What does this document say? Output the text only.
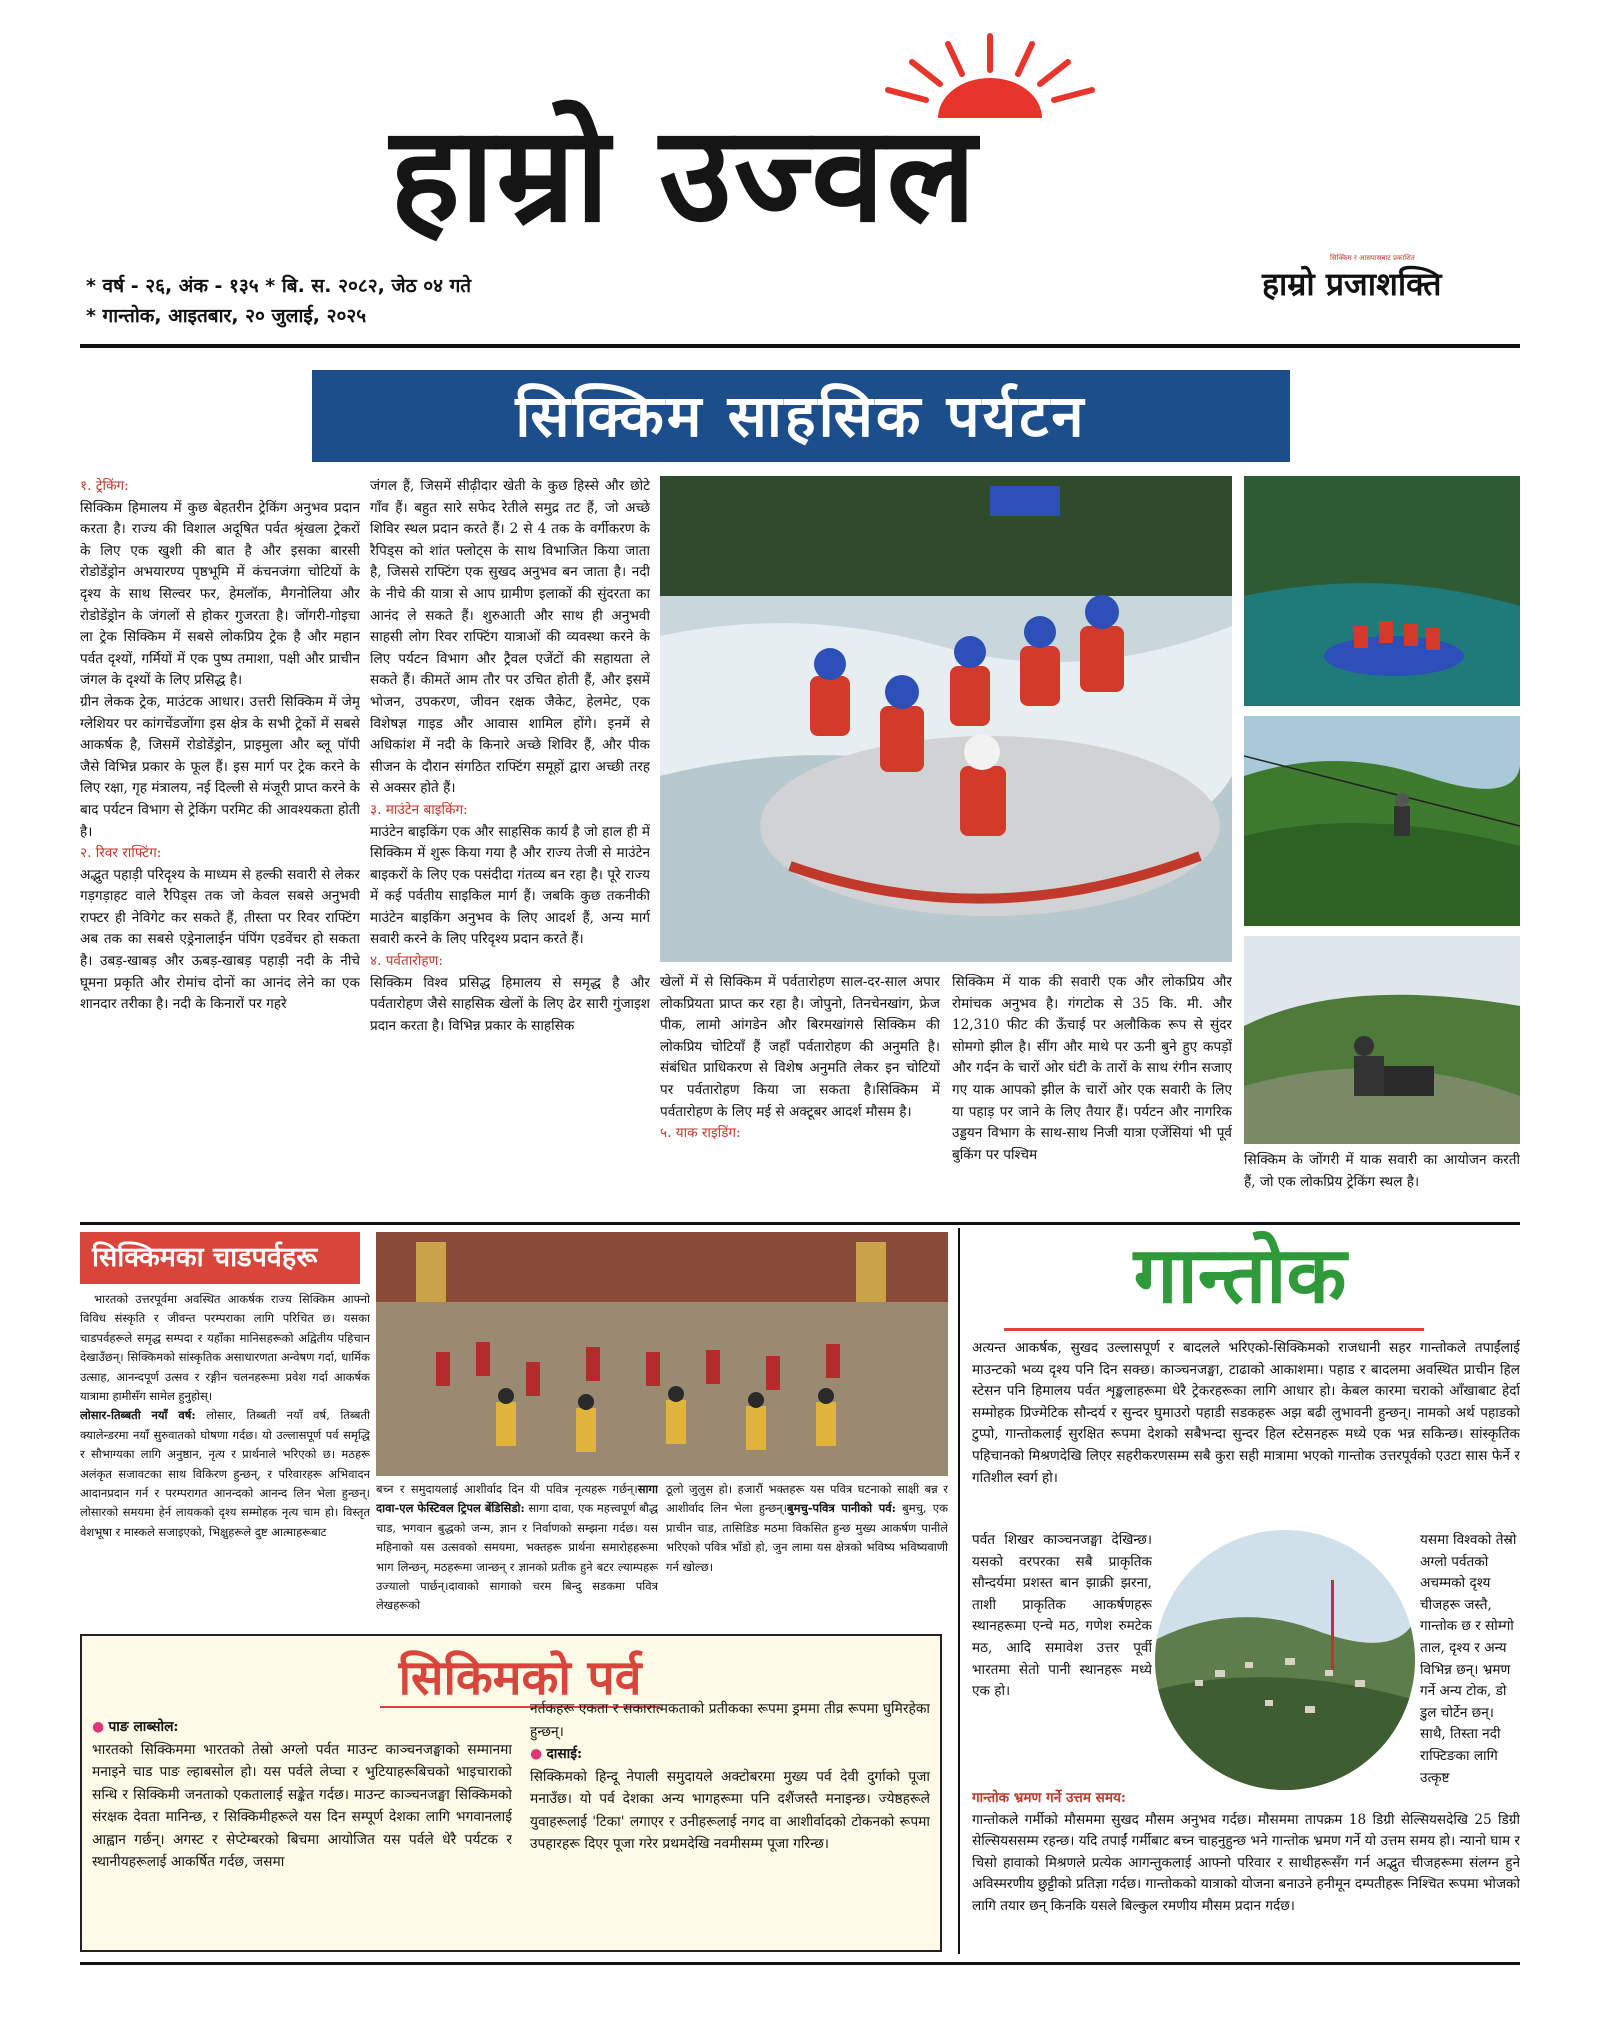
हाम्रो उज्वल
* वर्ष - २६, अंक - १३५ * बि. स. २०८२, जेठ ०४ गते
* गान्तोक, आइतबार, २० जुलाई, २०२५
सिक्किम र आसपासबाट प्रकाशित
हाम्रो प्रजाशक्ति
सिक्किम साहसिक पर्यटन

१. ट्रेकिंग:

सिक्किम हिमालय में कुछ बेहतरीन ट्रेकिंग अनुभव प्रदान करता है। राज्य की विशाल अदूषित पर्वत श्रृंखला ट्रेकरों के लिए एक खुशी की बात है और इसका बारसी रोडोडेंड्रोन अभयारण्य पृष्ठभूमि में कंचनजंगा चोटियों के दृश्य के साथ सिल्वर फर, हेमलॉक, मैगनोलिया और रोडोडेंड्रोन के जंगलों से होकर गुजरता है। जोंगरी-गोइचा ला ट्रेक सिक्किम में सबसे लोकप्रिय ट्रेक है और महान पर्वत दृश्यों, गर्मियों में एक पुष्प तमाशा, पक्षी और प्राचीन जंगल के दृश्यों के लिए प्रसिद्ध है।

ग्रीन लेकक ट्रेक, माउंटक आधार। उत्तरी सिक्किम में जेमू ग्लेशियर पर कांगचेंडजोंगा इस क्षेत्र के सभी ट्रेकों में सबसे आकर्षक है, जिसमें रोडोडेंड्रोन, प्राइमुला और ब्लू पॉपी जैसे विभिन्न प्रकार के फूल हैं। इस मार्ग पर ट्रेक करने के लिए रक्षा, गृह मंत्रालय, नई दिल्ली से मंजूरी प्राप्त करने के बाद पर्यटन विभाग से ट्रेकिंग परमिट की आवश्यकता होती है।

२. रिवर राफ्टिंग:

अद्भुत पहाड़ी परिदृश्य के माध्यम से हल्की सवारी से लेकर गड़गड़ाहट वाले रैपिड्स तक जो केवल सबसे अनुभवी राफ्टर ही नेविगेट कर सकते हैं, तीस्ता पर रिवर राफ्टिंग अब तक का सबसे एड्रेनालाईन पंपिंग एडवेंचर हो सकता है। उबड़-खाबड़ और ऊबड़-खाबड़ पहाड़ी नदी के नीचे घूमना प्रकृति और रोमांच दोनों का आनंद लेने का एक शानदार तरीका है। नदी के किनारों पर गहरे

जंगल हैं, जिसमें सीढ़ीदार खेती के कुछ हिस्से और छोटे गाँव हैं। बहुत सारे सफेद रेतीले समुद्र तट हैं, जो अच्छे शिविर स्थल प्रदान करते हैं। 2 से 4 तक के वर्गीकरण के रैपिड्स को शांत फ्लोट्स के साथ विभाजित किया जाता है, जिससे राफ्टिंग एक सुखद अनुभव बन जाता है। नदी के नीचे की यात्रा से आप ग्रामीण इलाकों की सुंदरता का आनंद ले सकते हैं। शुरुआती और साथ ही अनुभवी साहसी लोग रिवर राफ्टिंग यात्राओं की व्यवस्था करने के लिए पर्यटन विभाग और ट्रैवल एजेंटों की सहायता ले सकते हैं। कीमतें आम तौर पर उचित होती हैं, और इसमें भोजन, उपकरण, जीवन रक्षक जैकेट, हेलमेट, एक विशेषज्ञ गाइड और आवास शामिल होंगे। इनमें से अधिकांश में नदी के किनारे अच्छे शिविर हैं, और पीक सीजन के दौरान संगठित राफ्टिंग समूहों द्वारा अच्छी तरह से अक्सर होते हैं।

३. माउंटेन बाइकिंग:

माउंटेन बाइकिंग एक और साहसिक कार्य है जो हाल ही में सिक्किम में शुरू किया गया है और राज्य तेजी से माउंटेन बाइकरों के लिए एक पसंदीदा गंतव्य बन रहा है। पूरे राज्य में कई पर्वतीय साइकिल मार्ग हैं। जबकि कुछ तकनीकी माउंटेन बाइकिंग अनुभव के लिए आदर्श हैं, अन्य मार्ग सवारी करने के लिए परिदृश्य प्रदान करते हैं।

४. पर्वतारोहण:

सिक्किम विश्व प्रसिद्ध हिमालय से समृद्ध है और पर्वतारोहण जैसे साहसिक खेलों के लिए ढेर सारी गुंजाइश प्रदान करता है। विभिन्न प्रकार के साहसिक

खेलों में से सिक्किम में पर्वतारोहण साल-दर-साल अपार लोकप्रियता प्राप्त कर रहा है। जोपुनो, तिनचेनखांग, फ्रेज पीक, लामो आंगडेन और बिरमखांगसे सिक्किम की लोकप्रिय चोटियाँ हैं जहाँ पर्वतारोहण की अनुमति है। संबंधित प्राधिकरण से विशेष अनुमति लेकर इन चोटियों पर पर्वतारोहण किया जा सकता है।सिक्किम में पर्वतारोहण के लिए मई से अक्टूबर आदर्श मौसम है।

५. याक राइडिंग:

सिक्किम में याक की सवारी एक और लोकप्रिय और रोमांचक अनुभव है। गंगटोक से 35 कि. मी. और 12,310 फीट की ऊँचाई पर अलौकिक रूप से सुंदर सोमगो झील है। सींग और माथे पर ऊनी बुने हुए कपड़ों और गर्दन के चारों ओर घंटी के तारों के साथ रंगीन सजाए गए याक आपको झील के चारों ओर एक सवारी के लिए या पहाड़ पर जाने के लिए तैयार हैं। पर्यटन और नागरिक उड्डयन विभाग के साथ-साथ निजी यात्रा एजेंसियां भी पूर्व बुकिंग पर पश्चिम	सिक्किम के जोंगरी में याक सवारी का आयोजन करती हैं, जो एक लोकप्रिय ट्रेकिंग स्थल है।

सिक्किमका चाडपर्वहरू

भारतको उत्तरपूर्वमा अवस्थित आकर्षक राज्य सिक्किम आफ्नो विविध संस्कृति र जीवन्त परम्पराका लागि परिचित छ। यसका चाडपर्वहरूले समृद्ध सम्पदा र यहाँका मानिसहरूको अद्वितीय पहिचान देखाउँछन्। सिक्किमको सांस्कृतिक असाधारणता अन्वेषण गर्दा, धार्मिक उत्साह, आनन्दपूर्ण उत्सव र रङ्गीन चलनहरूमा प्रवेश गर्दा आकर्षक यात्रामा हामीसँग सामेल हुनुहोस्।

लोसार-तिब्बती नयाँ वर्ष: लोसार, तिब्बती नयाँ वर्ष, तिब्बती क्यालेन्डरमा नयाँ सुरुवातको घोषणा गर्दछ। यो उल्लासपूर्ण पर्व समृद्धि र सौभाग्यका लागि अनुष्ठान, नृत्य र प्रार्थनाले भरिएको छ। मठहरू अलंकृत सजावटका साथ विकिरण हुन्छन्, र परिवारहरू अभिवादन आदानप्रदान गर्न र परम्परागत आनन्दको आनन्द लिन भेला हुन्छन्।लोसारको समयमा हेर्न लायकको दृश्य सम्मोहक नृत्य चाम हो। विस्तृत वेशभूषा र मास्कले सजाइएको, भिक्षुहरूले दुष्ट आत्माहरूबाट

बच्न र समुदायलाई आशीर्वाद दिन यी पवित्र नृत्यहरू गर्छन्।सागा दावा-एल फेस्टिवल ट्रिपल बेंडिसिडो: सागा दावा, एक महत्त्वपूर्ण बौद्ध चाड, भगवान बुद्धको जन्म, ज्ञान र निर्वाणको सम्झना गर्दछ। यस महिनाको यस उत्सवको समयमा, भक्तहरू प्रार्थना समारोहहरूमा भाग लिन्छन्, मठहरूमा जान्छन् र ज्ञानको प्रतीक हुने बटर ल्याम्पहरू उज्यालो पार्छन्।दावाको सागाको चरम बिन्दु सडकमा पवित्र लेखहरूको

ठूलो जुलुस हो। हजारौं भक्तहरू यस पवित्र घटनाको साक्षी बन्न र आशीर्वाद लिन भेला हुन्छन्।बुमचु-पवित्र पानीको पर्व: बुमचु, एक प्राचीन चाड, तासिडिङ मठमा विकसित हुन्छ मुख्य आकर्षण पानीले भरिएको पवित्र भाँडो हो, जुन लामा यस क्षेत्रको भविष्य भविष्यवाणी गर्न खोल्छ।

गान्तोक

अत्यन्त आकर्षक, सुखद उल्लासपूर्ण र बादलले भरिएको-सिक्किमको राजधानी सहर गान्तोकले तपाईंलाई माउन्टको भव्य दृश्य पनि दिन सक्छ। काञ्चनजङ्घा, टाढाको आकाशमा। पहाड र बादलमा अवस्थित प्राचीन हिल स्टेसन पनि हिमालय पर्वत शृङ्खलाहरूमा धेरै ट्रेकरहरूका लागि आधार हो। केबल कारमा चराको आँखाबाट हेर्दा सम्मोहक प्रिज्मेटिक सौन्दर्य र सुन्दर घुमाउरो पहाडी सडकहरू अझ बढी लुभावनी हुन्छन्। नामको अर्थ पहाडको टुप्पो, गान्तोकलाई सुरक्षित रूपमा देशको सबैभन्दा सुन्दर हिल स्टेसनहरू मध्ये एक भन्न सकिन्छ। सांस्कृतिक पहिचानको मिश्रणदेखि लिएर सहरीकरणसम्म सबै कुरा सही मात्रामा भएको गान्तोक उत्तरपूर्वको एउटा सास फेर्ने र गतिशील स्वर्ग हो।

पर्वत शिखर काञ्चनजङ्घा देखिन्छ। यसको वरपरका सबै प्राकृतिक सौन्दर्यमा प्रशस्त बान झाक्री झरना, ताशी प्राकृतिक आकर्षणहरू स्थानहरूमा एन्चे मठ, गणेश रुमटेक मठ, आदि समावेश उत्तर पूर्वी भारतमा सेतो पानी स्थानहरू मध्ये एक हो।

यसमा विश्वको तेस्रो अग्लो पर्वतको अचम्मको दृश्य चीजहरू जस्तै, गान्तोक छ र सोम्गो ताल, दृश्य र अन्य विभिन्न छन्। भ्रमण गर्ने अन्य टोक, डो डुल चोर्टेन छन्। साथै, तिस्ता नदी राफ्टिङका लागि उत्कृष्ट

गान्तोक भ्रमण गर्ने उत्तम समय:

गान्तोकले गर्मीको मौसममा सुखद मौसम अनुभव गर्दछ। मौसममा तापक्रम 18 डिग्री सेल्सियसदेखि 25 डिग्री सेल्सियससम्म रहन्छ। यदि तपाईं गर्मीबाट बच्न चाहनुहुन्छ भने गान्तोक भ्रमण गर्ने यो उत्तम समय हो। न्यानो घाम र चिसो हावाको मिश्रणले प्रत्येक आगन्तुकलाई आफ्नो परिवार र साथीहरूसँग गर्न अद्भुत चीजहरूमा संलग्न हुने अविस्मरणीय छुट्टीको प्रतिज्ञा गर्दछ। गान्तोकको यात्राको योजना बनाउने हनीमून दम्पतीहरू निश्चित रूपमा भोजको लागि तयार छन् किनकि यसले बिल्कुल रमणीय मौसम प्रदान गर्दछ।

सिकिमको पर्व

● पाङ लाब्सोल:

भारतको सिक्किममा भारतको तेस्रो अग्लो पर्वत माउन्ट काञ्चनजङ्घाको सम्मानमा मनाइने चाड पाङ ल्हाबसोल हो। यस पर्वले लेप्चा र भुटियाहरूबिचको भाइचाराको सन्धि र सिक्किमी जनताको एकतालाई सङ्केत गर्दछ। माउन्ट काञ्चनजङ्घा सिक्किमको संरक्षक देवता मानिन्छ, र सिक्किमीहरूले यस दिन सम्पूर्ण देशका लागि भगवानलाई आह्वान गर्छन्। अगस्ट र सेप्टेम्बरको बिचमा आयोजित यस पर्वले धेरै पर्यटक र स्थानीयहरूलाई आकर्षित गर्दछ, जसमा

नर्तकहरू एकता र सकारात्मकताको प्रतीकका रूपमा ड्रममा तीव्र रूपमा घुमिरहेका हुन्छन्।

● दासाई:

सिक्किमको हिन्दू नेपाली समुदायले अक्टोबरमा मुख्य पर्व देवी दुर्गाको पूजा मनाउँछ। यो पर्व देशका अन्य भागहरूमा पनि दशैंजस्तै मनाइन्छ। ज्येष्ठहरूले युवाहरूलाई 'टिका' लगाएर र उनीहरूलाई नगद वा आशीर्वादको टोकनको रूपमा उपहारहरू दिएर पूजा गरेर प्रथमदेखि नवमीसम्म पूजा गरिन्छ।
